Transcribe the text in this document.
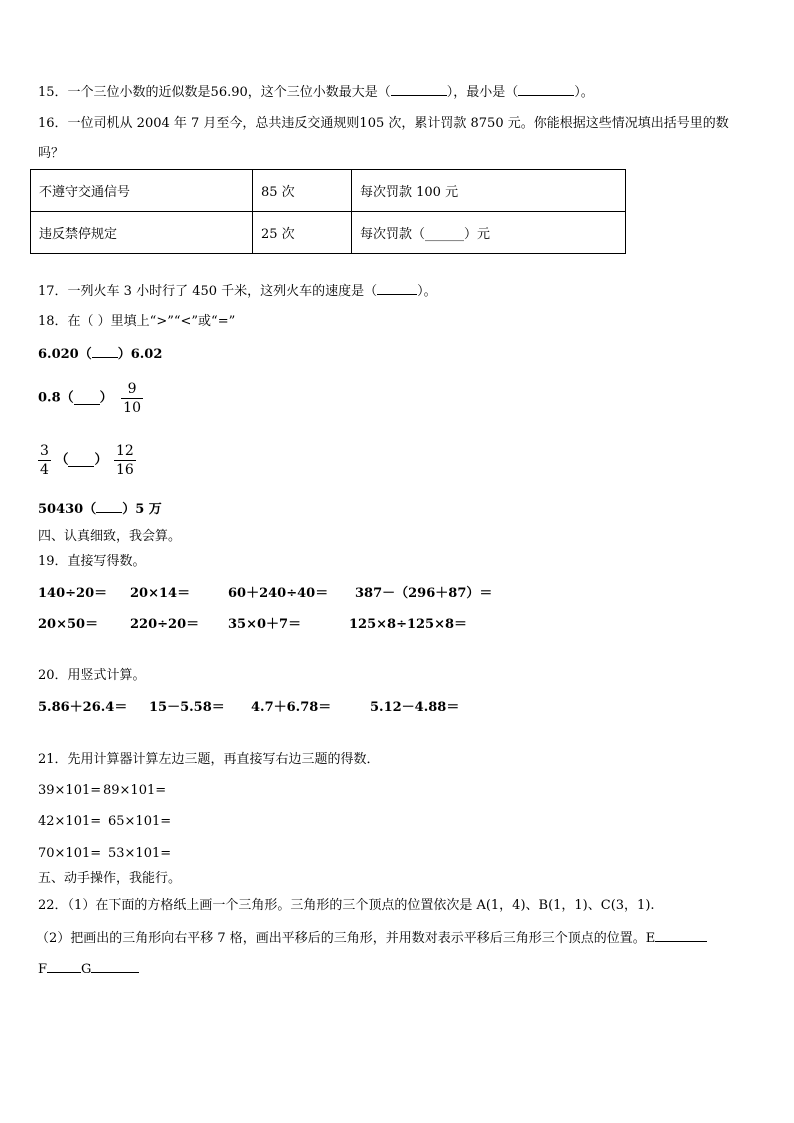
15．一个三位小数的近似数是56.90，这个三位小数最大是（	），最小是（	）。
16．一位司机从 2004 年 7 月至今，总共违反交通规则105 次，累计罚款 8750 元。你能根据这些情况填出括号里的数
吗？
不遵守交通信号	85 次	每次罚款 100 元
违反禁停规定	25 次	每次罚款（______）元
17．一列火车 3 小时行了 450 千米，这列火车的速度是（	）。
18．在（ ）里填上“>”“<”或“=”
6.020（ ）6.02
0.8（ ） $\frac{9}{10}$
$\frac{3}{4}$ （ ） $\frac{12}{16}$
50430（ ）5 万
四、认真细致，我会算。
19．直接写得数。
140÷20＝ 20×14＝	60＋240÷40＝ 387－（296＋87）＝
20×50＝ 220÷20＝ 35×0＋7＝	125×8÷125×8＝
20．用竖式计算。
5.86＋26.4＝ 15－5.58＝ 4.7＋6.78＝	5.12－4.88＝
21．先用计算器计算左边三题，再直接写右边三题的得数．
39×101= 89×101=
42×101= 65×101=
70×101= 53×101=
五、动手操作，我能行。
22．（1）在下面的方格纸上画一个三角形。三角形的三个顶点的位置依次是 A(1，4)、B(1，1)、C(3，1).
（2）把画出的三角形向右平移 7 格，画出平移后的三角形，并用数对表示平移后三角形三个顶点的位置。E
F	G
